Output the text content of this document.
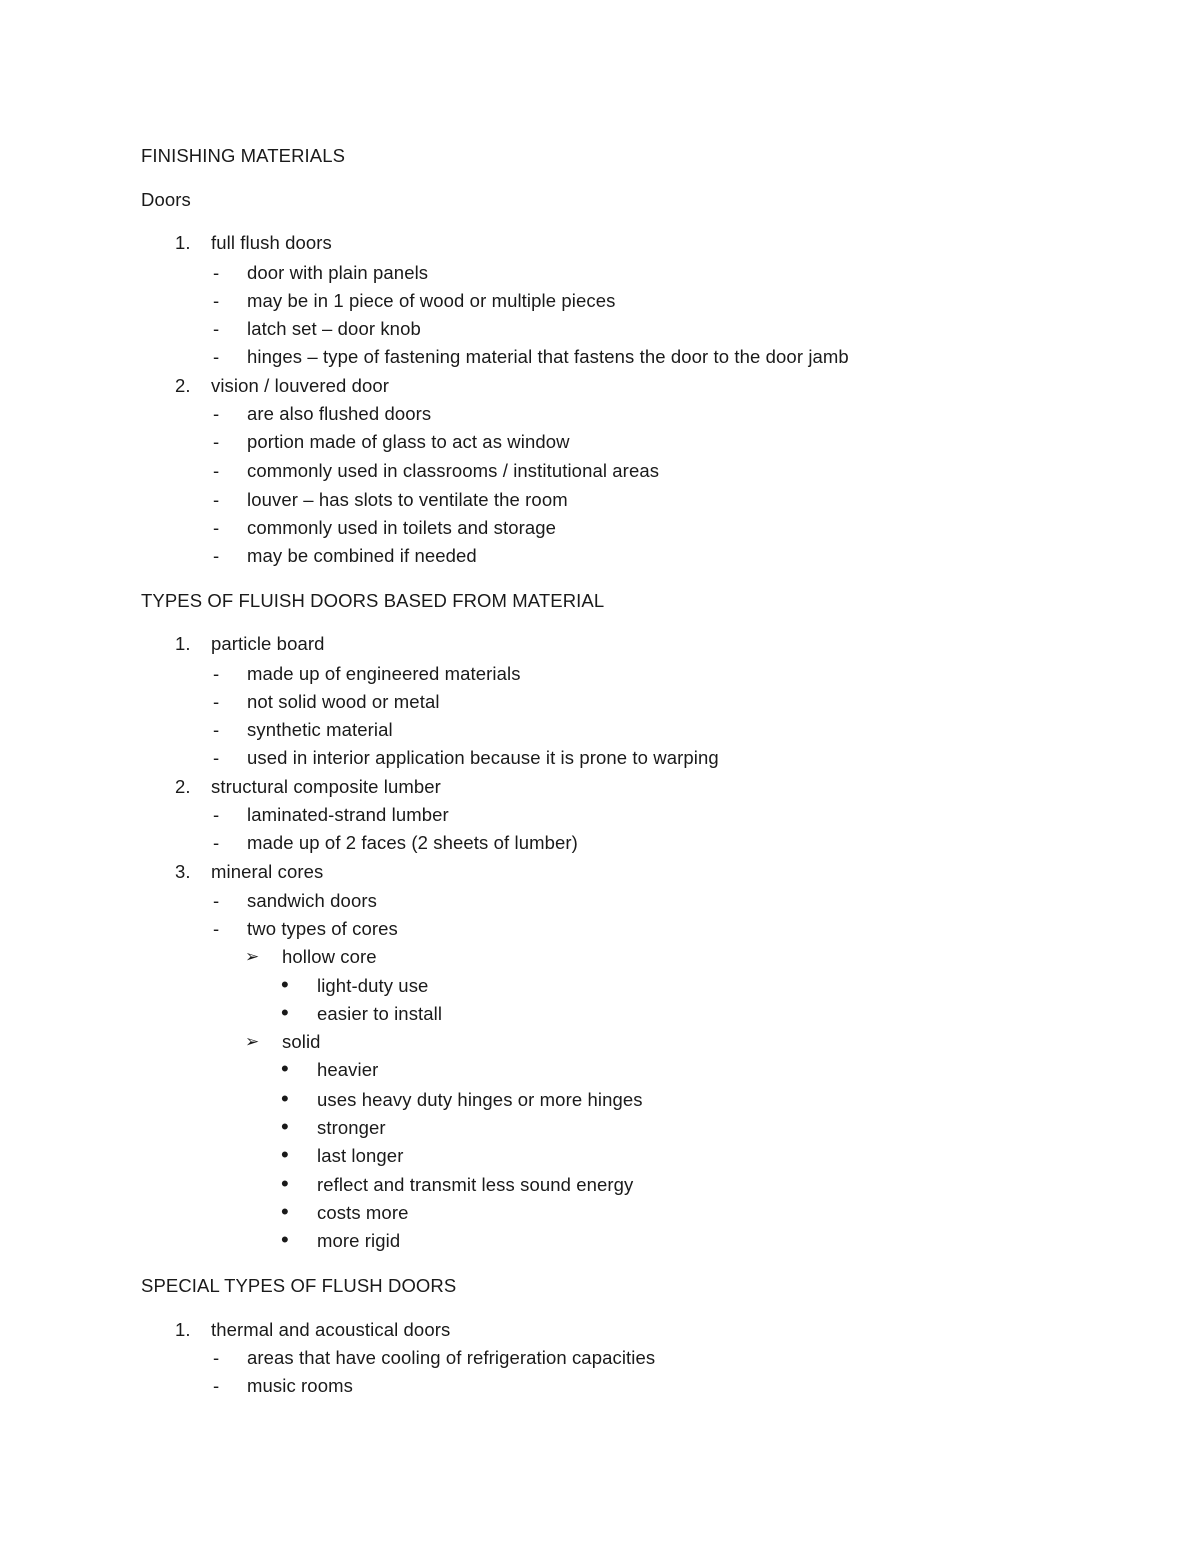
FINISHING MATERIALS
Doors
1. full flush doors
- door with plain panels
- may be in 1 piece of wood or multiple pieces
- latch set – door knob
- hinges – type of fastening material that fastens the door to the door jamb
2. vision / louvered door
- are also flushed doors
- portion made of glass to act as window
- commonly used in classrooms / institutional areas
- louver – has slots to ventilate the room
- commonly used in toilets and storage
- may be combined if needed
TYPES OF FLUISH DOORS BASED FROM MATERIAL
1. particle board
- made up of engineered materials
- not solid wood or metal
- synthetic material
- used in interior application because it is prone to warping
2. structural composite lumber
- laminated-strand lumber
- made up of 2 faces (2 sheets of lumber)
3. mineral cores
- sandwich doors
- two types of cores
➢ hollow core
• light-duty use
• easier to install
➢ solid
• heavier
• uses heavy duty hinges or more hinges
• stronger
• last longer
• reflect and transmit less sound energy
• costs more
• more rigid
SPECIAL TYPES OF FLUSH DOORS
1. thermal and acoustical doors
- areas that have cooling of refrigeration capacities
- music rooms
